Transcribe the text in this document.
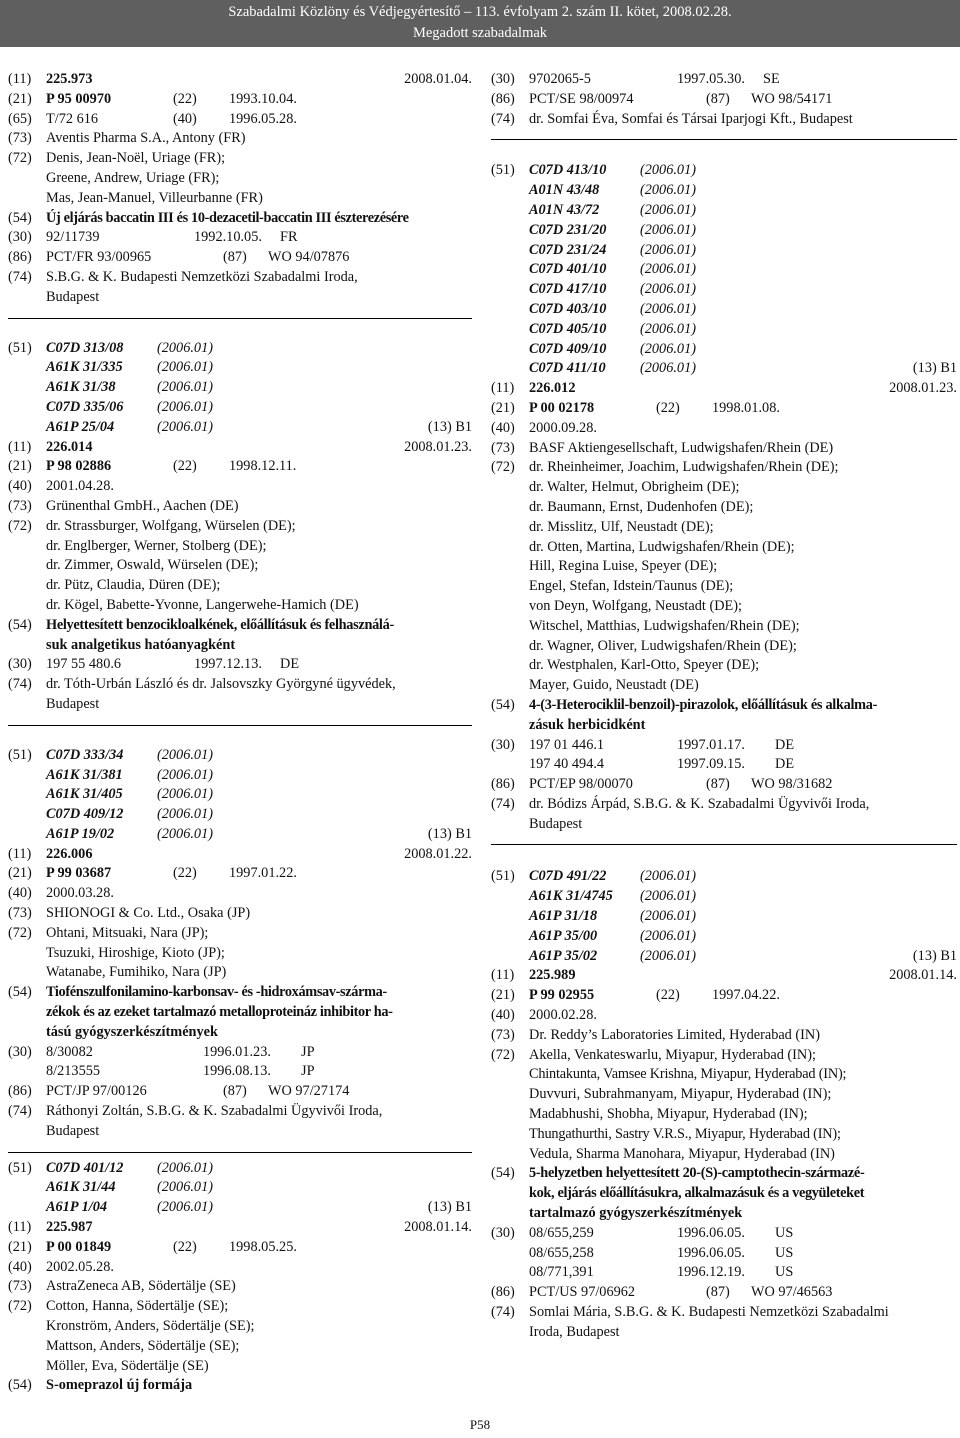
Szabadalmi Közlöny és Védjegyértesítő – 113. évfolyam 2. szám II. kötet, 2008.02.28.
Megadott szabadalmak
(11) 225.973	2008.01.04.
(21) P 95 00970	(22) 1993.10.04.
(65) T/72 616	(40) 1996.05.28.
(73) Aventis Pharma S.A., Antony (FR)
(72) Denis, Jean-Noël, Uriage (FR);
Greene, Andrew, Uriage (FR);
Mas, Jean-Manuel, Villeurbanne (FR)
(54) Új eljárás baccatin III és 10-dezacetil-baccatin III észterezésére
(30) 92/11739	1992.10.05. FR
(86) PCT/FR 93/00965	(87) WO 94/07876
(74) S.B.G. & K. Budapesti Nemzetközi Szabadalmi Iroda,
Budapest
(51) C07D 313/08	(2006.01)
A61K 31/335	(2006.01)
A61K 31/38	(2006.01)
C07D 335/06	(2006.01)
A61P 25/04	(2006.01)	(13) B1
(11) 226.014	2008.01.23.
(21) P 98 02886	(22) 1998.12.11.
(40) 2001.04.28.
(73) Grünenthal GmbH., Aachen (DE)
(72) dr. Strassburger, Wolfgang, Würselen (DE);
dr. Englberger, Werner, Stolberg (DE);
dr. Zimmer, Oswald, Würselen (DE);
dr. Pütz, Claudia, Düren (DE);
dr. Kögel, Babette-Yvonne, Langerwehe-Hamich (DE)
(54) Helyettesített benzocikloalkének, előállításuk és felhasználá-
suk analgetikus hatóanyagként
(30) 197 55 480.6	1997.12.13. DE
(74) dr. Tóth-Urbán László és dr. Jalsovszky Györgyné ügyvédek,
Budapest
(51) C07D 333/34	(2006.01)
A61K 31/381	(2006.01)
A61K 31/405	(2006.01)
C07D 409/12	(2006.01)
A61P 19/02	(2006.01)	(13) B1
(11) 226.006	2008.01.22.
(21) P 99 03687	(22) 1997.01.22.
(40) 2000.03.28.
(73) SHIONOGI & Co. Ltd., Osaka (JP)
(72) Ohtani, Mitsuaki, Nara (JP);
Tsuzuki, Hiroshige, Kioto (JP);
Watanabe, Fumihiko, Nara (JP)
(54) Tiofénszulfonilamino-karbonsav- és -hidroxámsav-szárma-
zékok és az ezeket tartalmazó metalloproteináz inhibitor ha-
tású gyógyszerkészítmények
(30) 8/30082	1996.01.23. JP
8/213555	1996.08.13. JP
(86) PCT/JP 97/00126	(87) WO 97/27174
(74) Ráthonyi Zoltán, S.B.G. & K. Szabadalmi Ügyvivői Iroda,
Budapest
(51) C07D 401/12	(2006.01)
A61K 31/44	(2006.01)
A61P 1/04	(2006.01)	(13) B1
(11) 225.987	2008.01.14.
(21) P 00 01849	(22) 1998.05.25.
(40) 2002.05.28.
(73) AstraZeneca AB, Södertälje (SE)
(72) Cotton, Hanna, Södertälje (SE);
Kronström, Anders, Södertälje (SE);
Mattson, Anders, Södertälje (SE);
Möller, Eva, Södertälje (SE)
(54) S-omeprazol új formája
(30) 9702065-5	1997.05.30. SE
(86) PCT/SE 98/00974	(87) WO 98/54171
(74) dr. Somfai Éva, Somfai és Társai Iparjogi Kft., Budapest
(51) C07D 413/10	(2006.01)
A01N 43/48	(2006.01)
A01N 43/72	(2006.01)
C07D 231/20	(2006.01)
C07D 231/24	(2006.01)
C07D 401/10	(2006.01)
C07D 417/10	(2006.01)
C07D 403/10	(2006.01)
C07D 405/10	(2006.01)
C07D 409/10	(2006.01)
C07D 411/10	(2006.01)	(13) B1
(11) 226.012	2008.01.23.
(21) P 00 02178	(22) 1998.01.08.
(40) 2000.09.28.
(73) BASF Aktiengesellschaft, Ludwigshafen/Rhein (DE)
(72) dr. Rheinheimer, Joachim, Ludwigshafen/Rhein (DE);
dr. Walter, Helmut, Obrigheim (DE);
dr. Baumann, Ernst, Dudenhofen (DE);
dr. Misslitz, Ulf, Neustadt (DE);
dr. Otten, Martina, Ludwigshafen/Rhein (DE);
Hill, Regina Luise, Speyer (DE);
Engel, Stefan, Idstein/Taunus (DE);
von Deyn, Wolfgang, Neustadt (DE);
Witschel, Matthias, Ludwigshafen/Rhein (DE);
dr. Wagner, Oliver, Ludwigshafen/Rhein (DE);
dr. Westphalen, Karl-Otto, Speyer (DE);
Mayer, Guido, Neustadt (DE)
(54) 4-(3-Heterociklil-benzoil)-pirazolok, előállításuk és alkalma-
zásuk herbicidként
(30) 197 01 446.1	1997.01.17. DE
197 40 494.4	1997.09.15. DE
(86) PCT/EP 98/00070	(87) WO 98/31682
(74) dr. Bódizs Árpád, S.B.G. & K. Szabadalmi Ügyvivői Iroda,
Budapest
(51) C07D 491/22	(2006.01)
A61K 31/4745	(2006.01)
A61P 31/18	(2006.01)
A61P 35/00	(2006.01)
A61P 35/02	(2006.01)	(13) B1
(11) 225.989	2008.01.14.
(21) P 99 02955	(22) 1997.04.22.
(40) 2000.02.28.
(73) Dr. Reddy’s Laboratories Limited, Hyderabad (IN)
(72) Akella, Venkateswarlu, Miyapur, Hyderabad (IN);
Chintakunta, Vamsee Krishna, Miyapur, Hyderabad (IN);
Duvvuri, Subrahmanyam, Miyapur, Hyderabad (IN);
Madabhushi, Shobha, Miyapur, Hyderabad (IN);
Thungathurthi, Sastry V.R.S., Miyapur, Hyderabad (IN);
Vedula, Sharma Manohara, Miyapur, Hyderabad (IN)
(54) 5-helyzetben helyettesített 20-(S)-camptothecin-származé-
kok, eljárás előállításukra, alkalmazásuk és a vegyületeket
tartalmazó gyógyszerkészítmények
(30) 08/655,259	1996.06.05. US
08/655,258	1996.06.05. US
08/771,391	1996.12.19. US
(86) PCT/US 97/06962	(87) WO 97/46563
(74) Somlai Mária, S.B.G. & K. Budapesti Nemzetközi Szabadalmi
Iroda, Budapest
P58
